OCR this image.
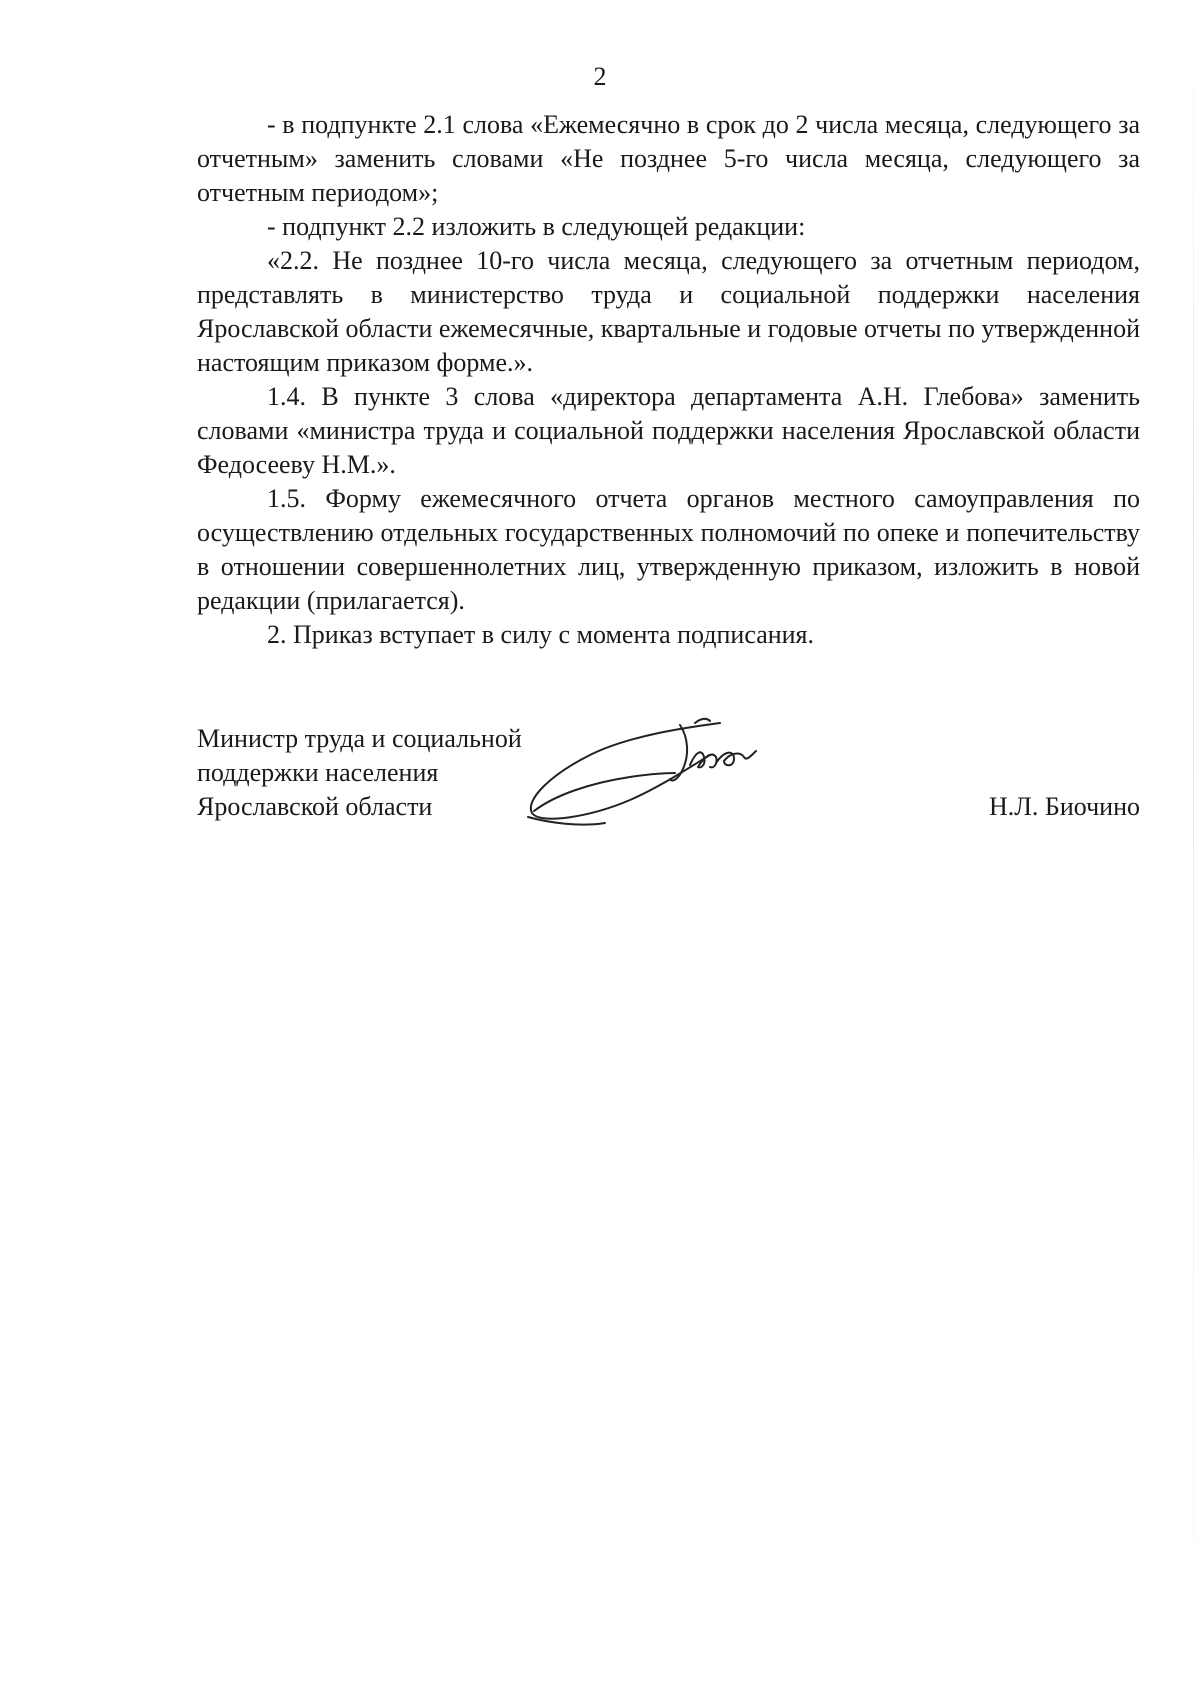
2

- в подпункте 2.1 слова «Ежемесячно в срок до 2 числа месяца, следующего за отчетным» заменить словами «Не позднее 5-го числа месяца, следующего за отчетным периодом»;

- подпункт 2.2 изложить в следующей редакции:

«2.2. Не позднее 10-го числа месяца, следующего за отчетным периодом, представлять в министерство труда и социальной поддержки населения Ярославской области ежемесячные, квартальные и годовые отчеты по утвержденной настоящим приказом форме.».

1.4. В пункте 3 слова «директора департамента А.Н. Глебова» заменить словами «министра труда и социальной поддержки населения Ярославской области Федосееву Н.М.».

1.5. Форму ежемесячного отчета органов местного самоуправления по осуществлению отдельных государственных полномочий по опеке и попечительству в отношении совершеннолетних лиц, утвержденную приказом, изложить в новой редакции (прилагается).

2. Приказ вступает в силу с момента подписания.

Министр труда и социальной
поддержки населения
Ярославской области	Н.Л. Биочино
